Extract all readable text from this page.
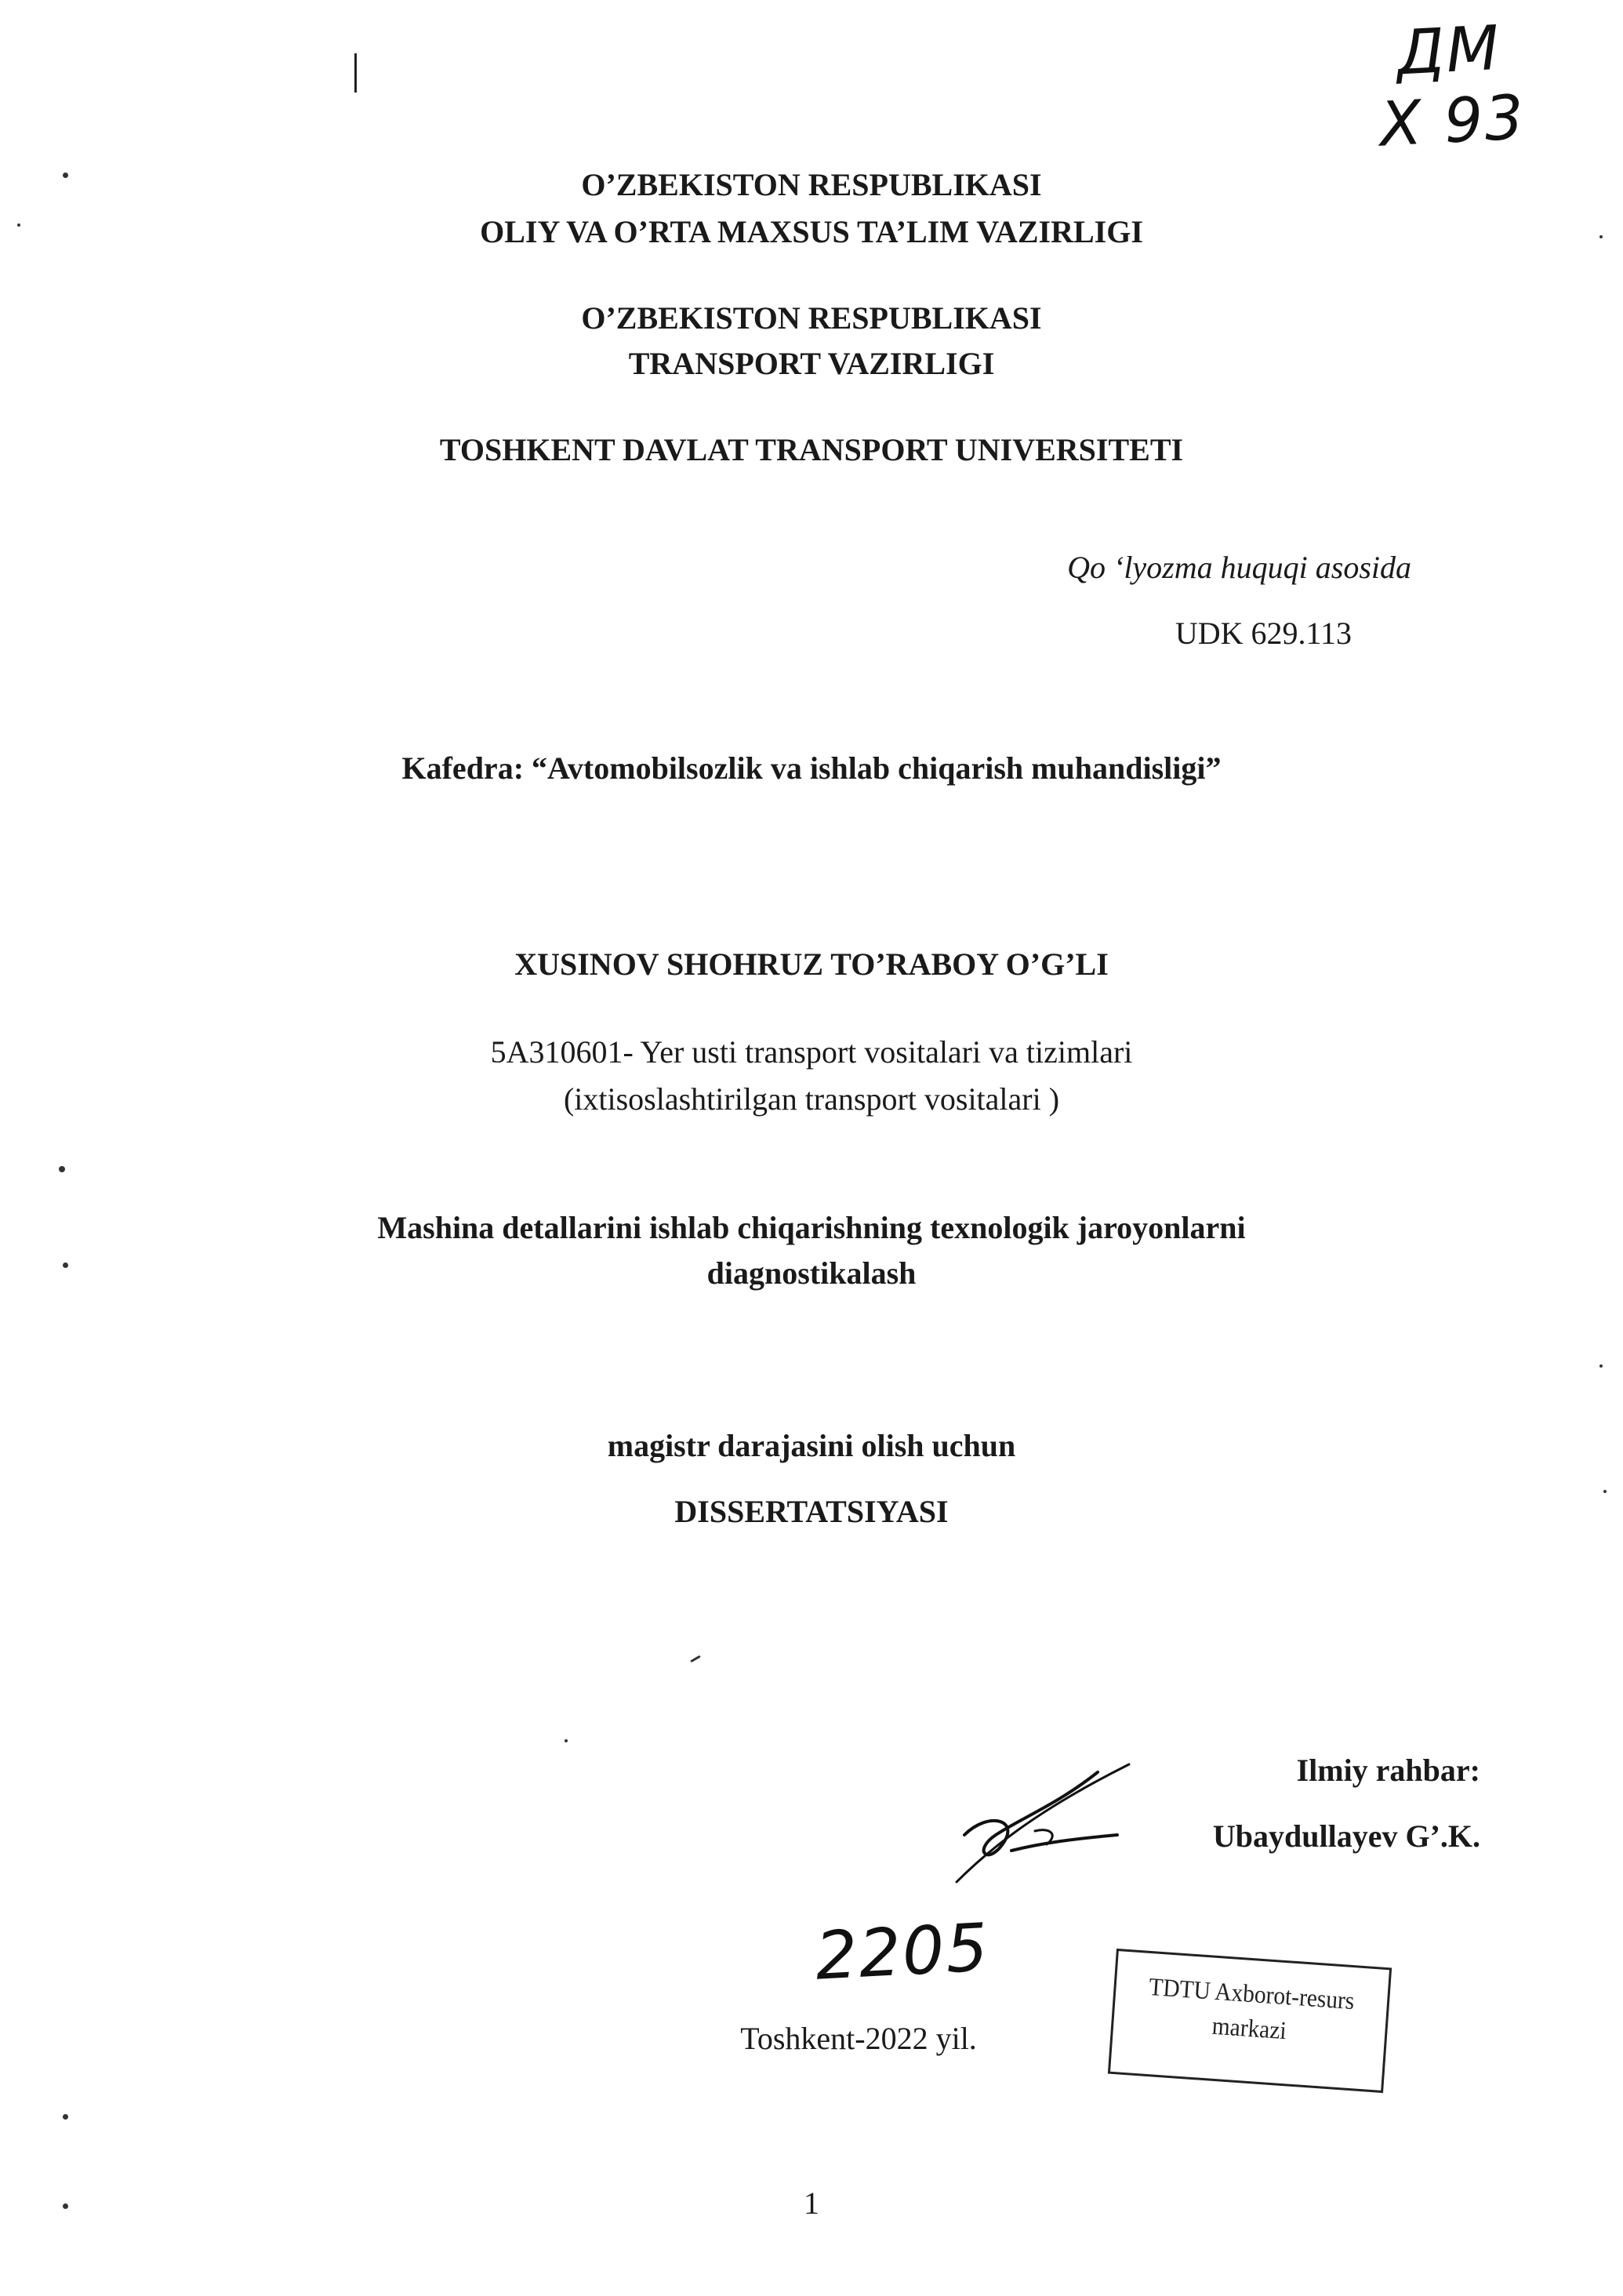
ДМ
X 93
O’ZBEKISTON RESPUBLIKASI
OLIY VA O’RTA MAXSUS TA’LIM VAZIRLIGI
O’ZBEKISTON RESPUBLIKASI
TRANSPORT VAZIRLIGI
TOSHKENT DAVLAT TRANSPORT UNIVERSITETI
Qo ‘lyozma huquqi asosida
UDK 629.113
Kafedra: “Avtomobilsozlik va ishlab chiqarish muhandisligi”
XUSINOV SHOHRUZ TO’RABOY O’G’LI
5A310601- Yer usti transport vositalari va tizimlari
(ixtisoslashtirilgan transport vositalari )
Mashina detallarini ishlab chiqarishning texnologik jaroyonlarni
diagnostikalash
magistr darajasini olish uchun
DISSERTATSIYASI
Ilmiy rahbar:
Ubaydullayev G’.K.
2205
Toshkent-2022 yil.
TDTU Axborot-resurs
markazi
1
